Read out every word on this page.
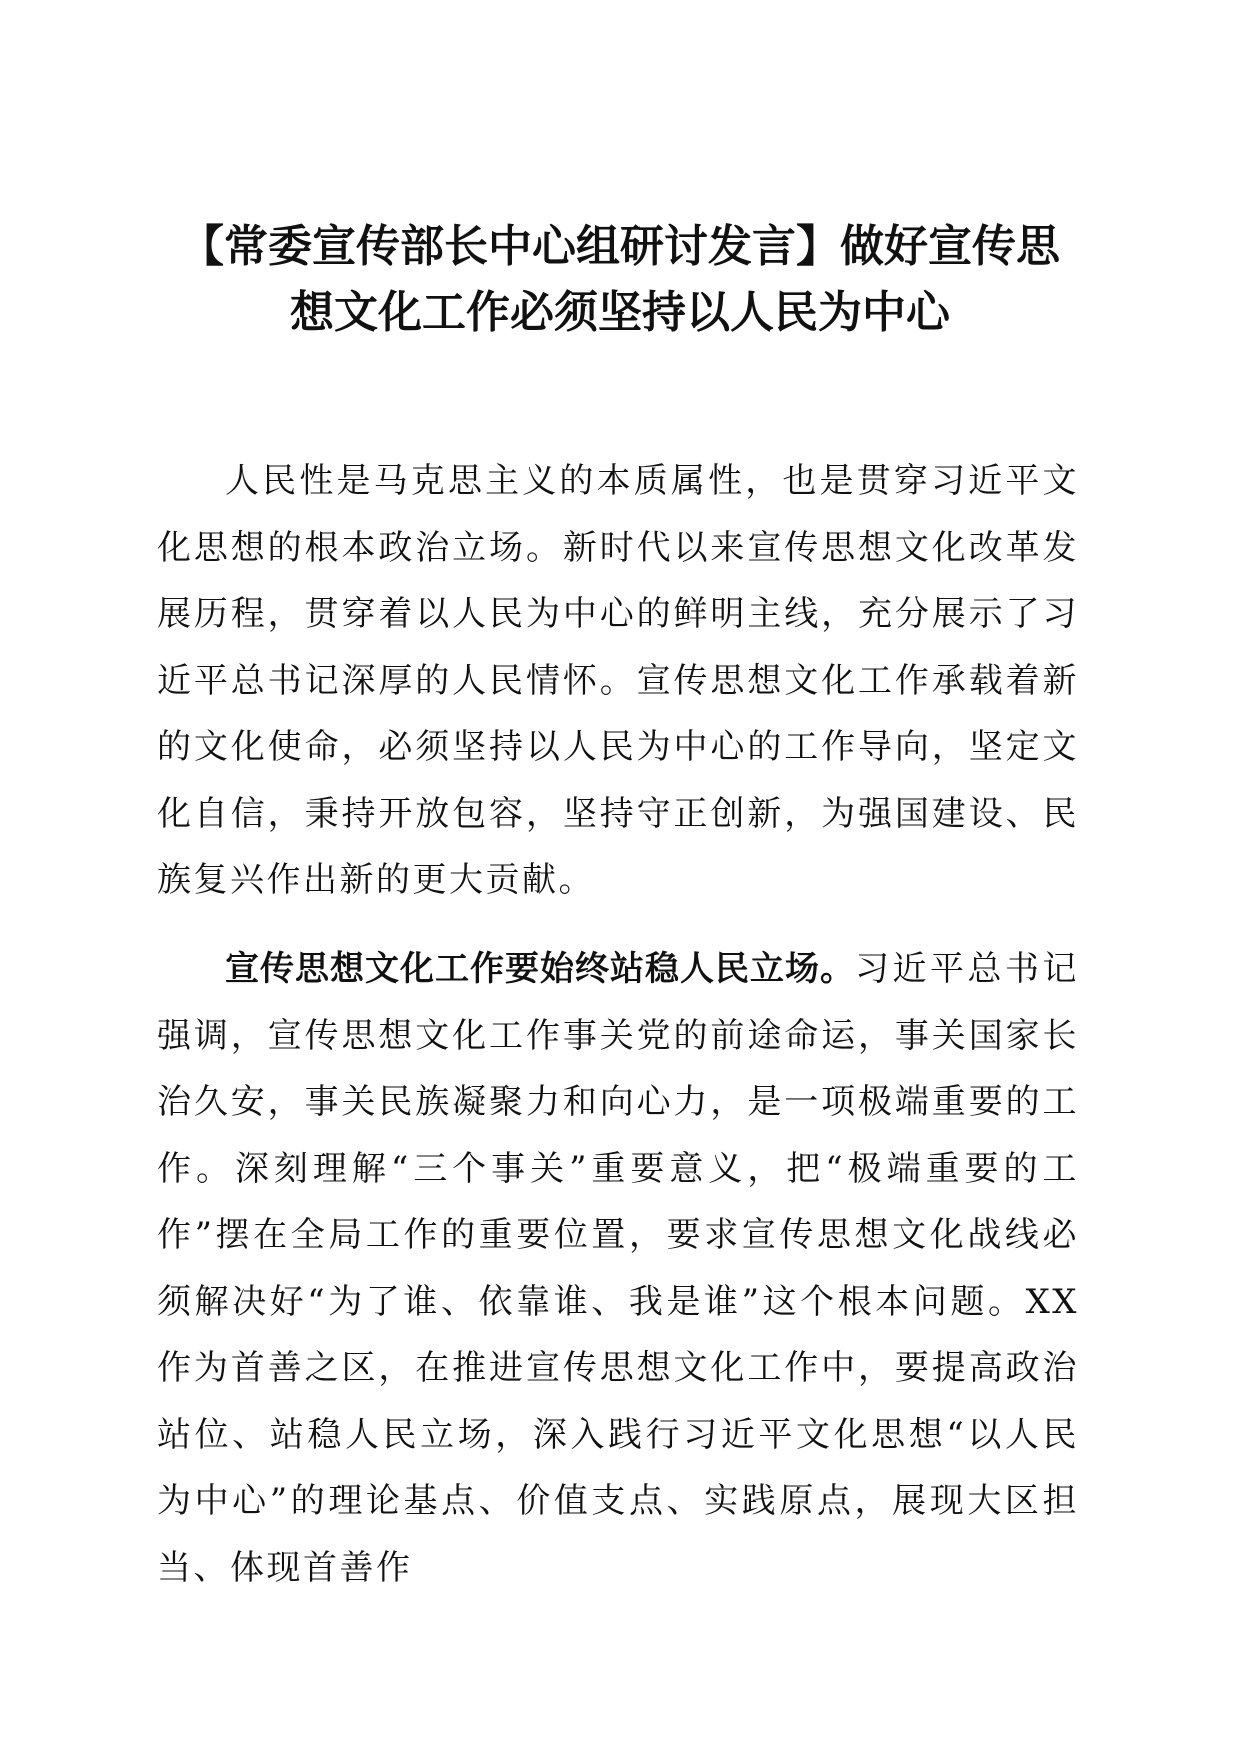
【常委宣传部长中心组研讨发言】做好宣传思想文化工作必须坚持以人民为中心

人民性是马克思主义的本质属性，也是贯穿习近平文化思想的根本政治立场。新时代以来宣传思想文化改革发展历程，贯穿着以人民为中心的鲜明主线，充分展示了习近平总书记深厚的人民情怀。宣传思想文化工作承载着新的文化使命，必须坚持以人民为中心的工作导向，坚定文化自信，秉持开放包容，坚持守正创新，为强国建设、民族复兴作出新的更大贡献。

宣传思想文化工作要始终站稳人民立场。习近平总书记强调，宣传思想文化工作事关党的前途命运，事关国家长治久安，事关民族凝聚力和向心力，是一项极端重要的工作。深刻理解“三个事关”重要意义，把“极端重要的工作”摆在全局工作的重要位置，要求宣传思想文化战线必须解决好“为了谁、依靠谁、我是谁”这个根本问题。XX作为首善之区，在推进宣传思想文化工作中，要提高政治站位、站稳人民立场，深入践行习近平文化思想“以人民为中心”的理论基点、价值支点、实践原点，展现大区担当、体现首善作
